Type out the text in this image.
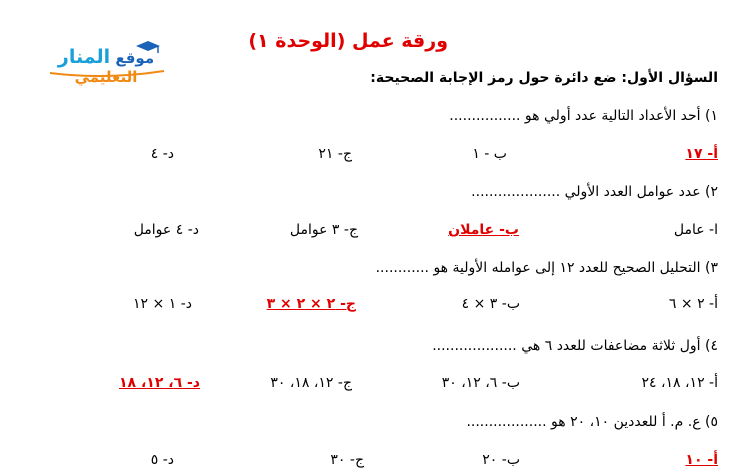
ورقة عمل (الوحدة ١)
موقع المنار التعليمي	السؤال الأول: ضع دائرة حول رمز الإجابة الصحيحة:
١) أحد الأعداد التالية عدد أولي هو ................
أ- ١٧
ب - ١
ج- ٢١
د- ٤
٢) عدد عوامل العدد الأولي ....................
ا- عامل
ب- عاملان
ج- ٣ عوامل
د- ٤ عوامل
٣) التحليل الصحيح للعدد ١٢ إلى عوامله الأولية هو ............
أ- ٢ × ٦
ب- ٣ × ٤
ج- ٢ × ٢ × ٣
د- ١ × ١٢
٤) أول ثلاثة مضاعفات للعدد ٦ هي ...................
أ- ١٢، ١٨، ٢٤
ب- ٦، ١٢، ٣٠
ج- ١٢، ١٨، ٣٠
د- ٦، ١٢، ١٨
٥) ع. م. أ للعددين ١٠، ٢٠ هو ..................
أ- ١٠
ب- ٢٠
ج- ٣٠
د- ٥
